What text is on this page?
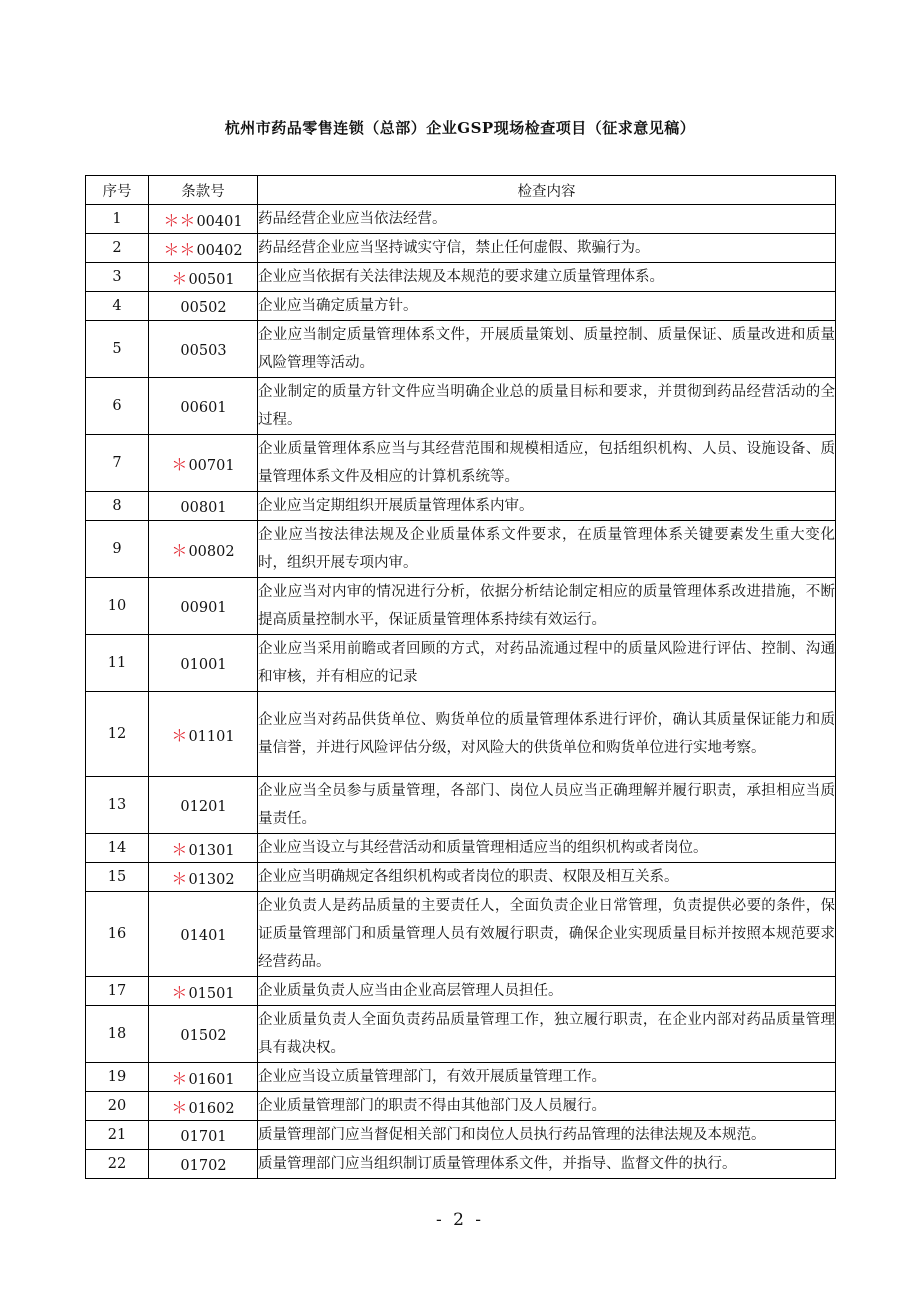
杭州市药品零售连锁（总部）企业GSP现场检查项目（征求意见稿）
序号	条款号	检查内容
1	＊＊00401	药品经营企业应当依法经营。
2	＊＊00402	药品经营企业应当坚持诚实守信，禁止任何虚假、欺骗行为。
3	＊00501	企业应当依据有关法律法规及本规范的要求建立质量管理体系。
4	00502	企业应当确定质量方针。
5	00503	企业应当制定质量管理体系文件，开展质量策划、质量控制、质量保证、质量改进和质量风险管理等活动。
6	00601	企业制定的质量方针文件应当明确企业总的质量目标和要求，并贯彻到药品经营活动的全过程。
7	＊00701	企业质量管理体系应当与其经营范围和规模相适应，包括组织机构、人员、设施设备、质量管理体系文件及相应的计算机系统等。
8	00801	企业应当定期组织开展质量管理体系内审。
9	＊00802	企业应当按法律法规及企业质量体系文件要求，在质量管理体系关键要素发生重大变化时，组织开展专项内审。
10	00901	企业应当对内审的情况进行分析，依据分析结论制定相应的质量管理体系改进措施，不断提高质量控制水平，保证质量管理体系持续有效运行。
11	01001	企业应当采用前瞻或者回顾的方式，对药品流通过程中的质量风险进行评估、控制、沟通和审核，并有相应的记录
12	＊01101	企业应当对药品供货单位、购货单位的质量管理体系进行评价，确认其质量保证能力和质量信誉，并进行风险评估分级，对风险大的供货单位和购货单位进行实地考察。
13	01201	企业应当全员参与质量管理，各部门、岗位人员应当正确理解并履行职责，承担相应当质量责任。
14	＊01301	企业应当设立与其经营活动和质量管理相适应当的组织机构或者岗位。
15	＊01302	企业应当明确规定各组织机构或者岗位的职责、权限及相互关系。
16	01401	企业负责人是药品质量的主要责任人，全面负责企业日常管理，负责提供必要的条件，保证质量管理部门和质量管理人员有效履行职责，确保企业实现质量目标并按照本规范要求经营药品。
17	＊01501	企业质量负责人应当由企业高层管理人员担任。
18	01502	企业质量负责人全面负责药品质量管理工作，独立履行职责，在企业内部对药品质量管理具有裁决权。
19	＊01601	企业应当设立质量管理部门，有效开展质量管理工作。
20	＊01602	企业质量管理部门的职责不得由其他部门及人员履行。
21	01701	质量管理部门应当督促相关部门和岗位人员执行药品管理的法律法规及本规范。
22	01702	质量管理部门应当组织制订质量管理体系文件，并指导、监督文件的执行。
- 2 -
